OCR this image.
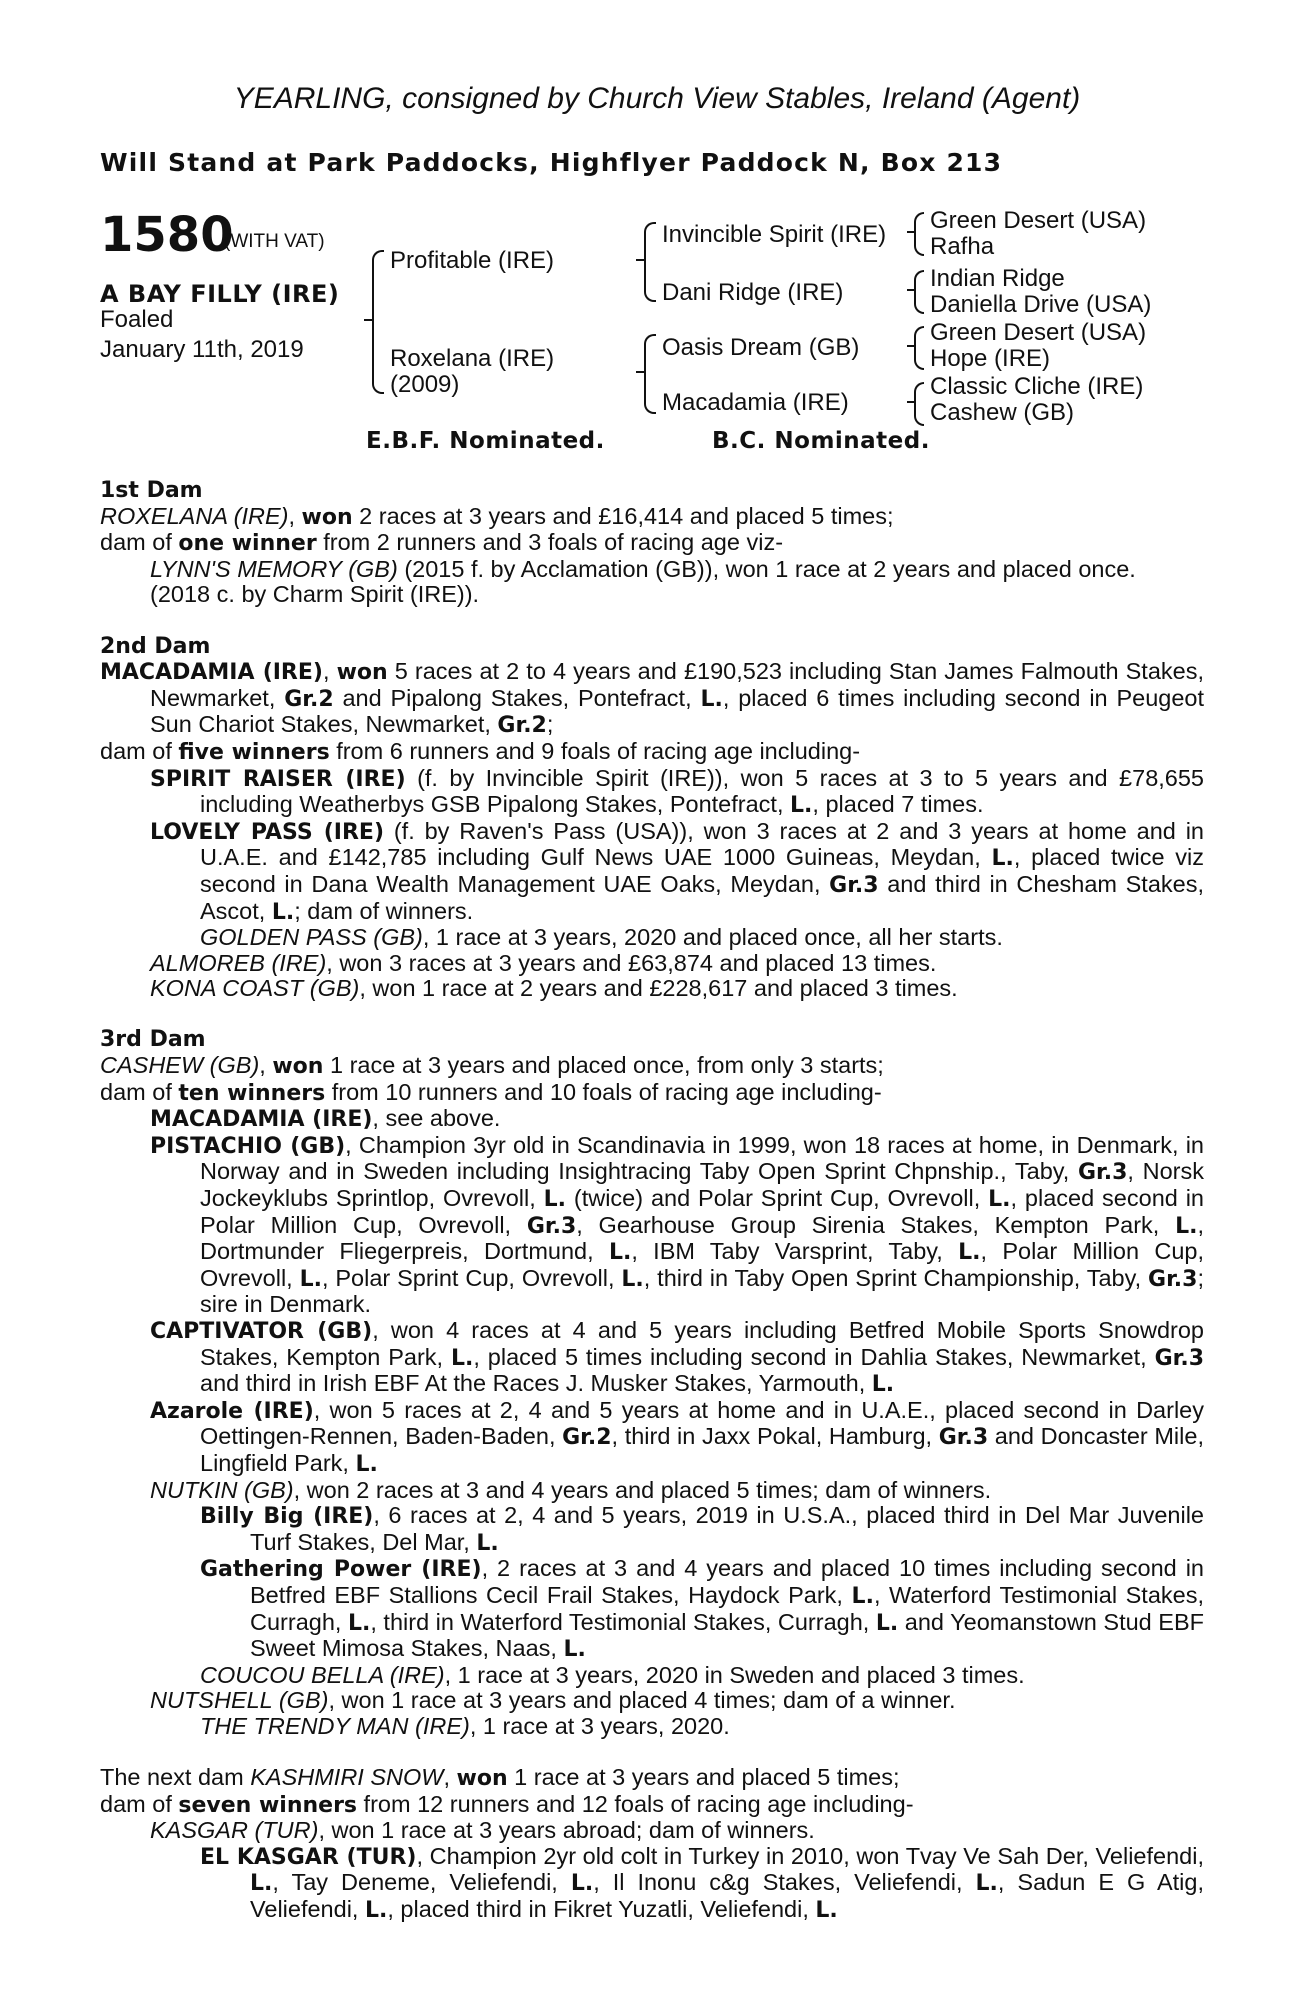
YEARLING, consigned by Church View Stables, Ireland (Agent)
Will Stand at Park Paddocks, Highflyer Paddock N, Box 213
1580
(WITH VAT)
A BAY FILLY (IRE)
Foaled
January 11th, 2019
Profitable (IRE)
Roxelana (IRE)
(2009)
Invincible Spirit (IRE)
Dani Ridge (IRE)
Oasis Dream (GB)
Macadamia (IRE)
Green Desert (USA)
Rafha
Indian Ridge
Daniella Drive (USA)
Green Desert (USA)
Hope (IRE)
Classic Cliche (IRE)
Cashew (GB)
E.B.F. Nominated.	B.C. Nominated.

1st Dam

ROXELANA (IRE), won 2 races at 3 years and £16,414 and placed 5 times;

dam of one winner from 2 runners and 3 foals of racing age viz-

LYNN'S MEMORY (GB) (2015 f. by Acclamation (GB)), won 1 race at 2 years and placed once.

(2018 c. by Charm Spirit (IRE)).

2nd Dam

MACADAMIA (IRE), won 5 races at 2 to 4 years and £190,523 including Stan James Falmouth Stakes, Newmarket, Gr.2 and Pipalong Stakes, Pontefract, L., placed 6 times including second in Peugeot Sun Chariot Stakes, Newmarket, Gr.2;

dam of five winners from 6 runners and 9 foals of racing age including-

SPIRIT RAISER (IRE) (f. by Invincible Spirit (IRE)), won 5 races at 3 to 5 years and £78,655 including Weatherbys GSB Pipalong Stakes, Pontefract, L., placed 7 times.

LOVELY PASS (IRE) (f. by Raven's Pass (USA)), won 3 races at 2 and 3 years at home and in U.A.E. and £142,785 including Gulf News UAE 1000 Guineas, Meydan, L., placed twice viz second in Dana Wealth Management UAE Oaks, Meydan, Gr.3 and third in Chesham Stakes, Ascot, L.; dam of winners.

GOLDEN PASS (GB), 1 race at 3 years, 2020 and placed once, all her starts.

ALMOREB (IRE), won 3 races at 3 years and £63,874 and placed 13 times.

KONA COAST (GB), won 1 race at 2 years and £228,617 and placed 3 times.

3rd Dam

CASHEW (GB), won 1 race at 3 years and placed once, from only 3 starts;

dam of ten winners from 10 runners and 10 foals of racing age including-

MACADAMIA (IRE), see above.

PISTACHIO (GB), Champion 3yr old in Scandinavia in 1999, won 18 races at home, in Denmark, in Norway and in Sweden including Insightracing Taby Open Sprint Chpnship., Taby, Gr.3, Norsk Jockeyklubs Sprintlop, Ovrevoll, L. (twice) and Polar Sprint Cup, Ovrevoll, L., placed second in Polar Million Cup, Ovrevoll, Gr.3, Gearhouse Group Sirenia Stakes, Kempton Park, L., Dortmunder Fliegerpreis, Dortmund, L., IBM Taby Varsprint, Taby, L., Polar Million Cup, Ovrevoll, L., Polar Sprint Cup, Ovrevoll, L., third in Taby Open Sprint Championship, Taby, Gr.3; sire in Denmark.

CAPTIVATOR (GB), won 4 races at 4 and 5 years including Betfred Mobile Sports Snowdrop Stakes, Kempton Park, L., placed 5 times including second in Dahlia Stakes, Newmarket, Gr.3 and third in Irish EBF At the Races J. Musker Stakes, Yarmouth, L.

Azarole (IRE), won 5 races at 2, 4 and 5 years at home and in U.A.E., placed second in Darley Oettingen-Rennen, Baden-Baden, Gr.2, third in Jaxx Pokal, Hamburg, Gr.3 and Doncaster Mile, Lingfield Park, L.

NUTKIN (GB), won 2 races at 3 and 4 years and placed 5 times; dam of winners.

Billy Big (IRE), 6 races at 2, 4 and 5 years, 2019 in U.S.A., placed third in Del Mar Juvenile Turf Stakes, Del Mar, L.

Gathering Power (IRE), 2 races at 3 and 4 years and placed 10 times including second in Betfred EBF Stallions Cecil Frail Stakes, Haydock Park, L., Waterford Testimonial Stakes, Curragh, L., third in Waterford Testimonial Stakes, Curragh, L. and Yeomanstown Stud EBF Sweet Mimosa Stakes, Naas, L.

COUCOU BELLA (IRE), 1 race at 3 years, 2020 in Sweden and placed 3 times.

NUTSHELL (GB), won 1 race at 3 years and placed 4 times; dam of a winner.

THE TRENDY MAN (IRE), 1 race at 3 years, 2020.

The next dam KASHMIRI SNOW, won 1 race at 3 years and placed 5 times;

dam of seven winners from 12 runners and 12 foals of racing age including-

KASGAR (TUR), won 1 race at 3 years abroad; dam of winners.

EL KASGAR (TUR), Champion 2yr old colt in Turkey in 2010, won Tvay Ve Sah Der, Veliefendi, L., Tay Deneme, Veliefendi, L., Il Inonu c&g Stakes, Veliefendi, L., Sadun E G Atig, Veliefendi, L., placed third in Fikret Yuzatli, Veliefendi, L.
